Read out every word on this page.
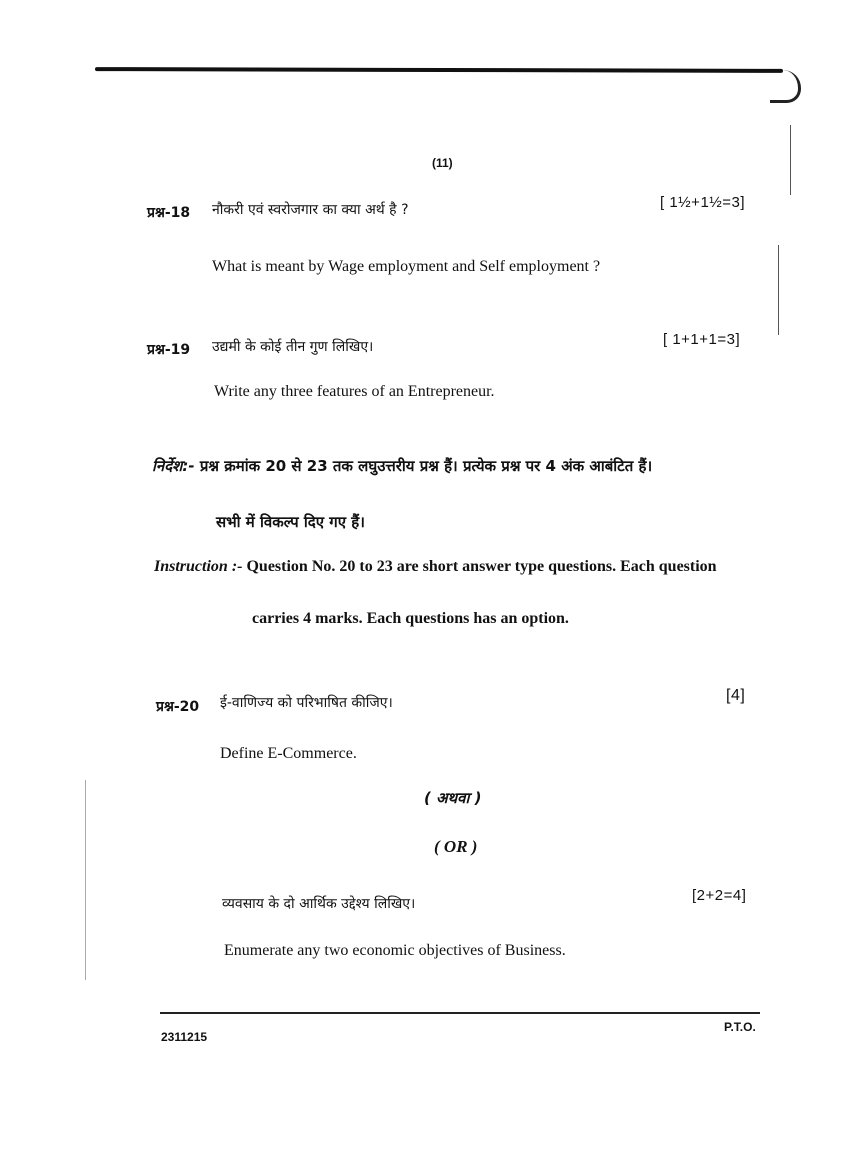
(11)
प्रश्न-18 नौकरी एवं स्वरोजगार का क्या अर्थ है ?	[ 1½+1½=3]
What is meant by Wage employment and Self employment ?
प्रश्न-19 उद्यमी के कोई तीन गुण लिखिए।	[ 1+1+1=3]
Write any three features of an Entrepreneur.
निर्देश:- प्रश्न क्रमांक 20 से 23 तक लघुउत्तरीय प्रश्न हैं। प्रत्येक प्रश्न पर 4 अंक आबंटित हैं।
सभी में विकल्प दिए गए हैं।
Instruction :- Question No. 20 to 23 are short answer type questions. Each question
carries 4 marks. Each questions has an option.
प्रश्न-20 ई-वाणिज्य को परिभाषित कीजिए।	[4]
Define E-Commerce.
( अथवा )
( OR )
व्यवसाय के दो आर्थिक उद्देश्य लिखिए।	[2+2=4]
Enumerate any two economic objectives of Business.
2311215
P.T.O.
